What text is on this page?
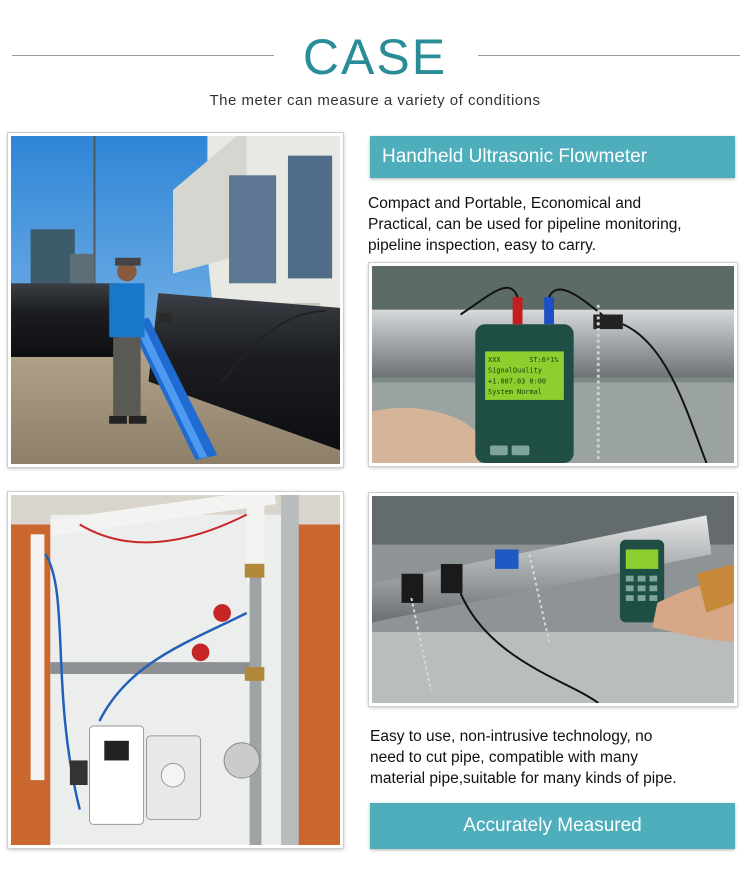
CASE
The meter can measure a variety of conditions
Handheld Ultrasonic Flowmeter
Compact and Portable, Economical and
Practical, can be used for pipeline monitoring,
pipeline inspection, easy to carry.
XXX	ST:6*1%
SignalQuality
+1.007.03 0:00
System Normal
Easy to use, non-intrusive technology, no
need to cut pipe, compatible with many
material pipe,suitable for many kinds of pipe.
Accurately Measured
